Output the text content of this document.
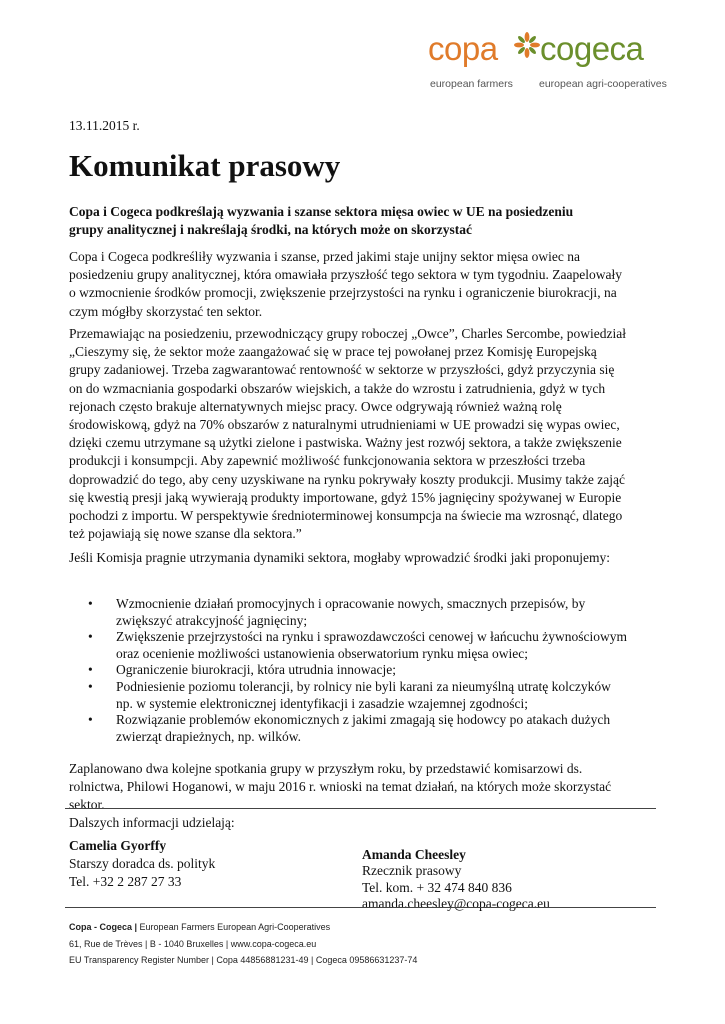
copa cogeca
european farmers european agri-cooperatives
13.11.2015 r.
Komunikat prasowy

Copa i Cogeca podkreślają wyzwania i szanse sektora mięsa owiec w UE na posiedzeniu grupy analitycznej i nakreślają środki, na których może on skorzystać

Copa i Cogeca podkreśliły wyzwania i szanse, przed jakimi staje unijny sektor mięsa owiec na posiedzeniu grupy analitycznej, która omawiała przyszłość tego sektora w tym tygodniu. Zaapelowały o wzmocnienie środków promocji, zwiększenie przejrzystości na rynku i ograniczenie biurokracji, na czym mógłby skorzystać ten sektor.

Przemawiając na posiedzeniu, przewodniczący grupy roboczej „Owce”, Charles Sercombe, powiedział „Cieszymy się, że sektor może zaangażować się w prace tej powołanej przez Komisję Europejską grupy zadaniowej. Trzeba zagwarantować rentowność w sektorze w przyszłości, gdyż przyczynia się on do wzmacniania gospodarki obszarów wiejskich, a także do wzrostu i zatrudnienia, gdyż w tych rejonach często brakuje alternatywnych miejsc pracy. Owce odgrywają również ważną rolę środowiskową, gdyż na 70% obszarów z naturalnymi utrudnieniami w UE prowadzi się wypas owiec, dzięki czemu utrzymane są użytki zielone i pastwiska. Ważny jest rozwój sektora, a także zwiększenie produkcji i konsumpcji. Aby zapewnić możliwość funkcjonowania sektora w przeszłości trzeba doprowadzić do tego, aby ceny uzyskiwane na rynku pokrywały koszty produkcji. Musimy także zająć się kwestią presji jaką wywierają produkty importowane, gdyż 15% jagnięciny spożywanej w Europie pochodzi z importu. W perspektywie średnioterminowej konsumpcja na świecie ma wzrosnąć, dlatego też pojawiają się nowe szanse dla sektora.”

Jeśli Komisja pragnie utrzymania dynamiki sektora, mogłaby wprowadzić środki jaki proponujemy:

• Wzmocnienie działań promocyjnych i opracowanie nowych, smacznych przepisów, by zwiększyć atrakcyjność jagnięciny;
• Zwiększenie przejrzystości na rynku i sprawozdawczości cenowej w łańcuchu żywnościowym oraz ocenienie możliwości ustanowienia obserwatorium rynku mięsa owiec;
• Ograniczenie biurokracji, która utrudnia innowacje;
• Podniesienie poziomu tolerancji, by rolnicy nie byli karani za nieumyślną utratę kolczyków np. w systemie elektronicznej identyfikacji i zasadzie wzajemnej zgodności;
• Rozwiązanie problemów ekonomicznych z jakimi zmagają się hodowcy po atakach dużych zwierząt drapieżnych, np. wilków.

Zaplanowano dwa kolejne spotkania grupy w przyszłym roku, by przedstawić komisarzowi ds. rolnictwa, Philowi Hoganowi, w maju 2016 r. wnioski na temat działań, na których może skorzystać sektor.

Dalszych informacji udzielają:
Camelia Gyorffy
Starszy doradca ds. polityk
Tel. +32 2 287 27 33
Amanda Cheesley
Rzecznik prasowy
Tel. kom. + 32 474 840 836
amanda.cheesley@copa-cogeca.eu
Copa - Cogeca | European Farmers European Agri-Cooperatives
61, Rue de Trèves | B - 1040 Bruxelles | www.copa-cogeca.eu
EU Transparency Register Number | Copa 44856881231-49 | Cogeca 09586631237-74
